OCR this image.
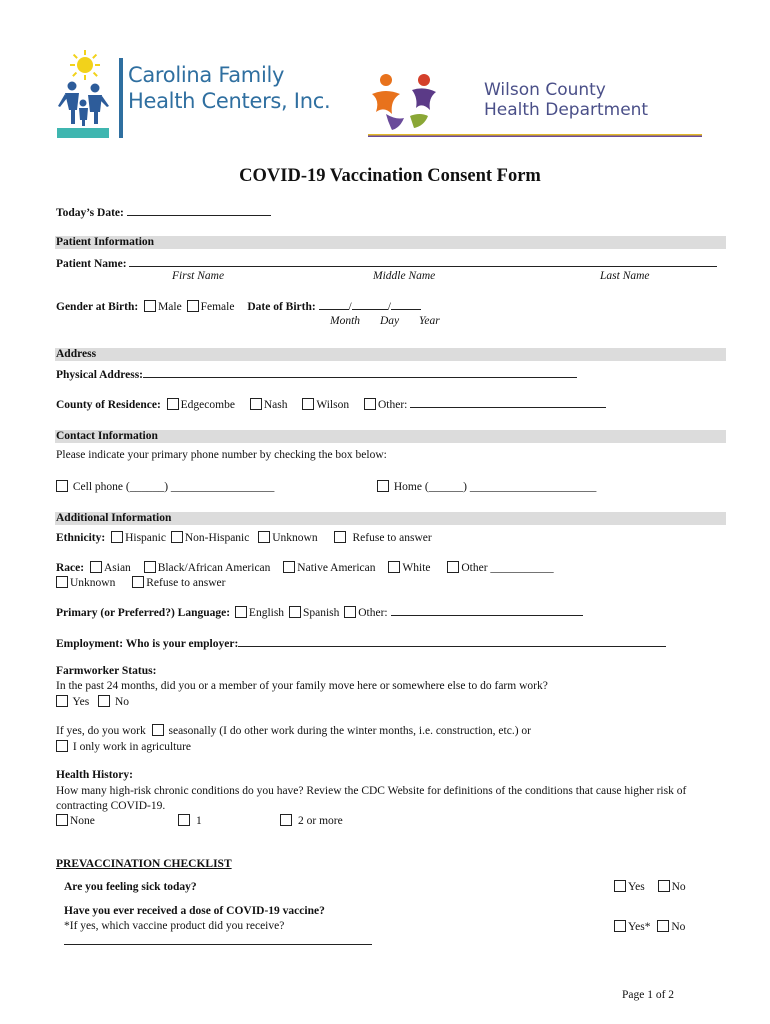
Carolina Family
Health Centers, Inc.	Wilson County
Health Department
COVID-19 Vaccination Consent Form
Today’s Date:
Patient Information
Patient Name:
First Name	Middle Name	Last Name
Gender at Birth: Male Female Date of Birth:	/	/
Month Day Year
Address
Physical Address:
County of Residence: Edgecombe	Nash	Wilson	Other:
Contact Information
Please indicate your primary phone number by checking the box below:
Cell phone (______) __________________	Home (______) ______________________
Additional Information
Ethnicity: Hispanic Non-Hispanic Unknown	Refuse to answer
Race: Asian Black/African American Native American White	Other ___________
Unknown	Refuse to answer
Primary (or Preferred?) Language: English Spanish Other:
Employment: Who is your employer:
Farmworker Status:
In the past 24 months, did you or a member of your family move here or somewhere else to do farm work?
Yes No
If yes, do you work seasonally (I do other work during the winter months, i.e. construction, etc.) or
I only work in agriculture
Health History:
How many high-risk chronic conditions do you have? Review the CDC Website for definitions of the conditions that cause higher risk of contracting COVID-19.
None	1	2 or more
PREVACCINATION CHECKLIST
Are you feeling sick today?	Yes No
Have you ever received a dose of COVID-19 vaccine?
*If yes, which vaccine product did you receive?	Yes* No
Page 1 of 2
